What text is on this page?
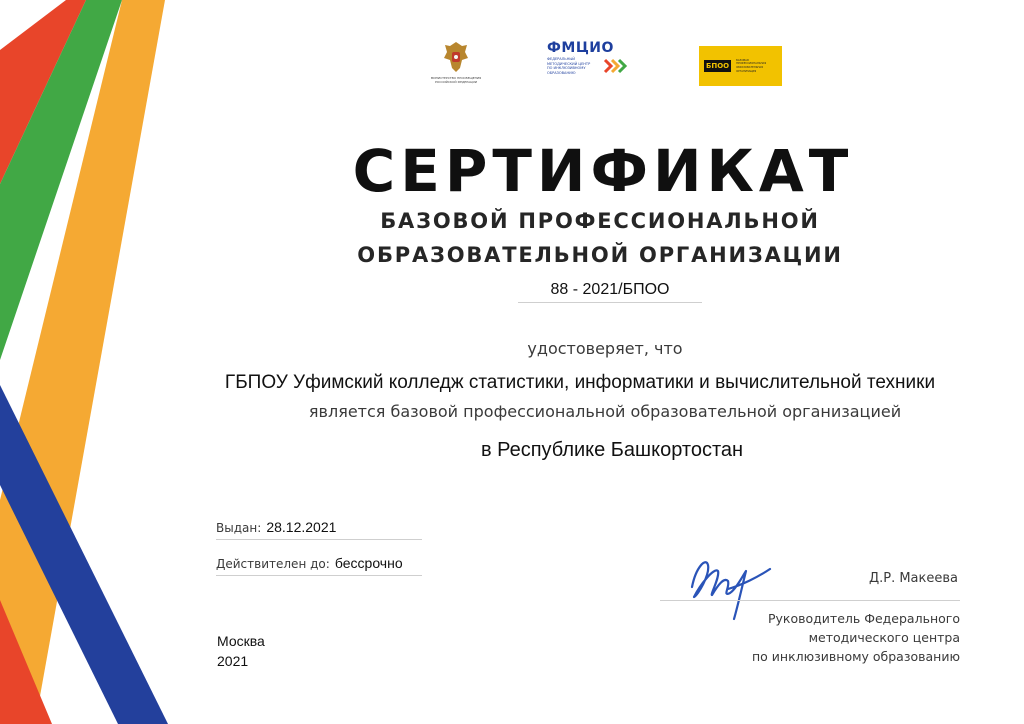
МИНИСТЕРСТВО ПРОСВЕЩЕНИЯ
РОССИЙСКОЙ ФЕДЕРАЦИИ
ФМЦИО
ФЕДЕРАЛЬНЫЙ
МЕТОДИЧЕСКИЙ ЦЕНТР
ПО ИНКЛЮЗИВНОМУ
ОБРАЗОВАНИЮ
БПОО
БАЗОВАЯ
ПРОФЕССИОНАЛЬНАЯ
ОБРАЗОВАТЕЛЬНАЯ
ОРГАНИЗАЦИЯ
СЕРТИФИКАТ
БАЗОВОЙ ПРОФЕССИОНАЛЬНОЙ
ОБРАЗОВАТЕЛЬНОЙ ОРГАНИЗАЦИИ
88 - 2021/БПОО
удостоверяет, что
ГБПОУ Уфимский колледж статистики, информатики и вычислительной техники
является базовой профессиональной образовательной организацией
в Республике Башкортостан
Выдан: 28.12.2021
Действителен до: бессрочно
Москва
2021
Д.Р. Макеева
Руководитель Федерального
методического центра
по инклюзивному образованию
